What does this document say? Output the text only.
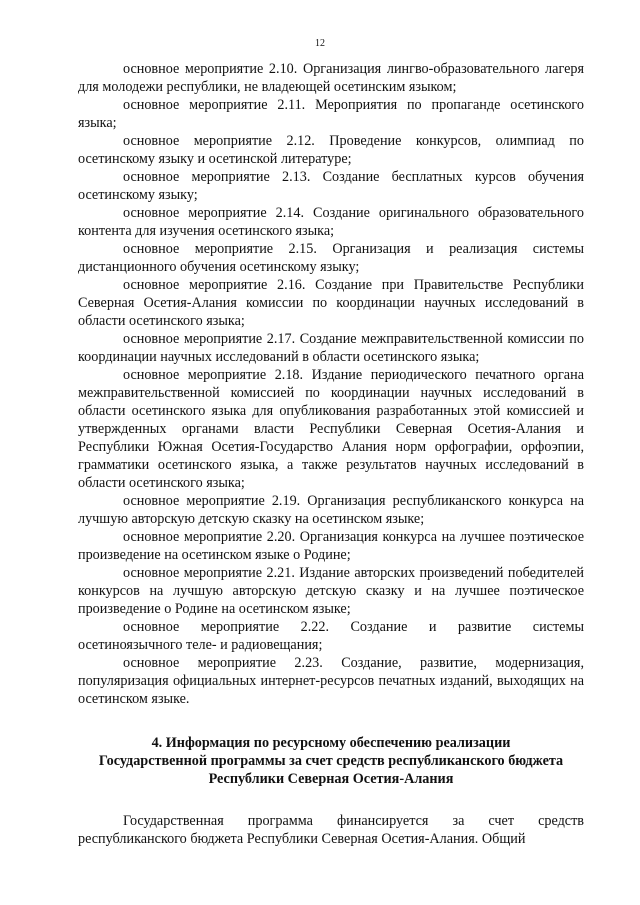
12

основное мероприятие 2.10. Организация лингво-образовательного лагеря для молодежи республики, не владеющей осетинским языком;

основное мероприятие 2.11. Мероприятия по пропаганде осетинского языка;

основное мероприятие 2.12. Проведение конкурсов, олимпиад по осетинскому языку и осетинской литературе;

основное мероприятие 2.13. Создание бесплатных курсов обучения осетинскому языку;

основное мероприятие 2.14. Создание оригинального образовательного контента для изучения осетинского языка;

основное мероприятие 2.15. Организация и реализация системы дистанционного обучения осетинскому языку;

основное мероприятие 2.16. Создание при Правительстве Республики Северная Осетия-Алания комиссии по координации научных исследований в области осетинского языка;

основное мероприятие 2.17. Создание межправительственной комиссии по координации научных исследований в области осетинского языка;

основное мероприятие 2.18. Издание периодического печатного органа межправительственной комиссией по координации научных исследований в области осетинского языка для опубликования разработанных этой комиссией и утвержденных органами власти Республики Северная Осетия-Алания и Республики Южная Осетия-Государство Алания норм орфографии, орфоэпии, грамматики осетинского языка, а также результатов научных исследований в области осетинского языка;

основное мероприятие 2.19. Организация республиканского конкурса на лучшую авторскую детскую сказку на осетинском языке;

основное мероприятие 2.20. Организация конкурса на лучшее поэтическое произведение на осетинском языке о Родине;

основное мероприятие 2.21. Издание авторских произведений победителей конкурсов на лучшую авторскую детскую сказку и на лучшее поэтическое произведение о Родине на осетинском языке;

основное мероприятие 2.22. Создание и развитие системы осетиноязычного теле- и радиовещания;

основное мероприятие 2.23. Создание, развитие, модернизация, популяризация официальных интернет-ресурсов печатных изданий, выходящих на осетинском языке.

4. Информация по ресурсному обеспечению реализации
Государственной программы за счет средств республиканского бюджета
Республики Северная Осетия-Алания

Государственная программа финансируется за счет средств республиканского бюджета Республики Северная Осетия-Алания. Общий
